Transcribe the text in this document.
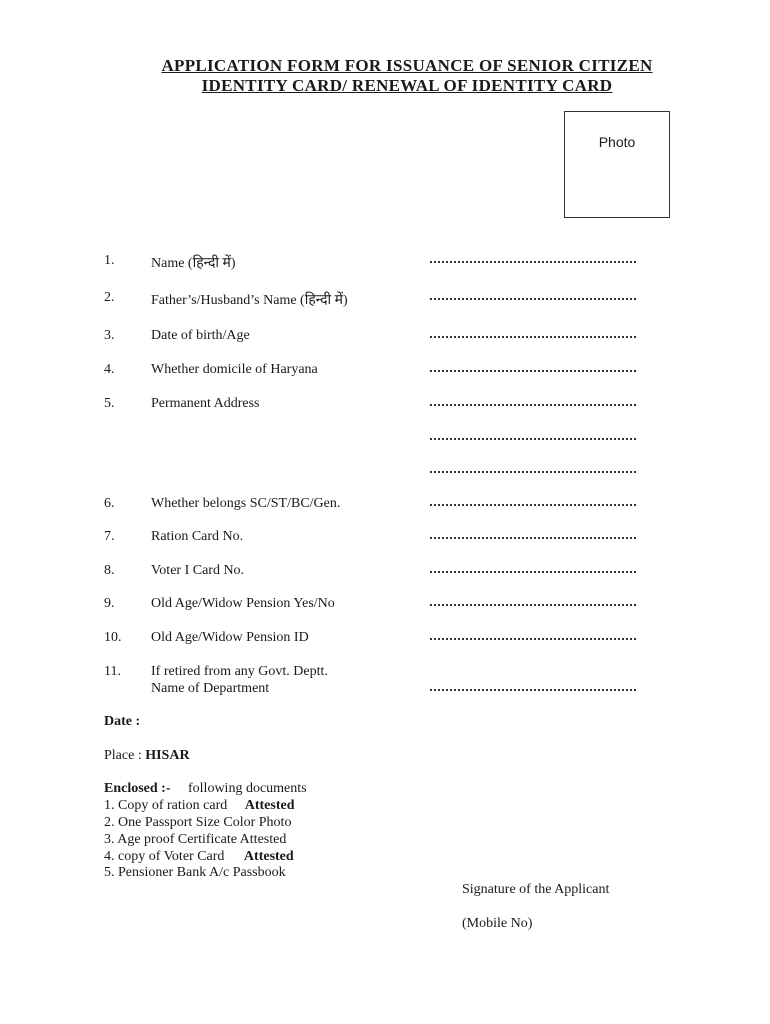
APPLICATION FORM FOR ISSUANCE OF SENIOR CITIZEN
IDENTITY CARD/ RENEWAL OF IDENTITY CARD
Photo
1.	Name (हिन्दी में)
2.	Father’s/Husband’s Name (हिन्दी में)
3.	Date of birth/Age
4.	Whether domicile of Haryana
5.	Permanent Address
6.	Whether belongs SC/ST/BC/Gen.
7.	Ration Card No.
8.	Voter I Card No.
9.	Old Age/Widow Pension Yes/No
10. Old Age/Widow Pension ID
11. If retired from any Govt. Deptt.
Name of Department
Date :
Place : HISAR
Enclosed :- following documents
1. Copy of ration card Attested
2. One Passport Size Color Photo
3. Age proof Certificate Attested
4. copy of Voter Card Attested
5. Pensioner Bank A/c Passbook
Signature of the Applicant
(Mobile No)
